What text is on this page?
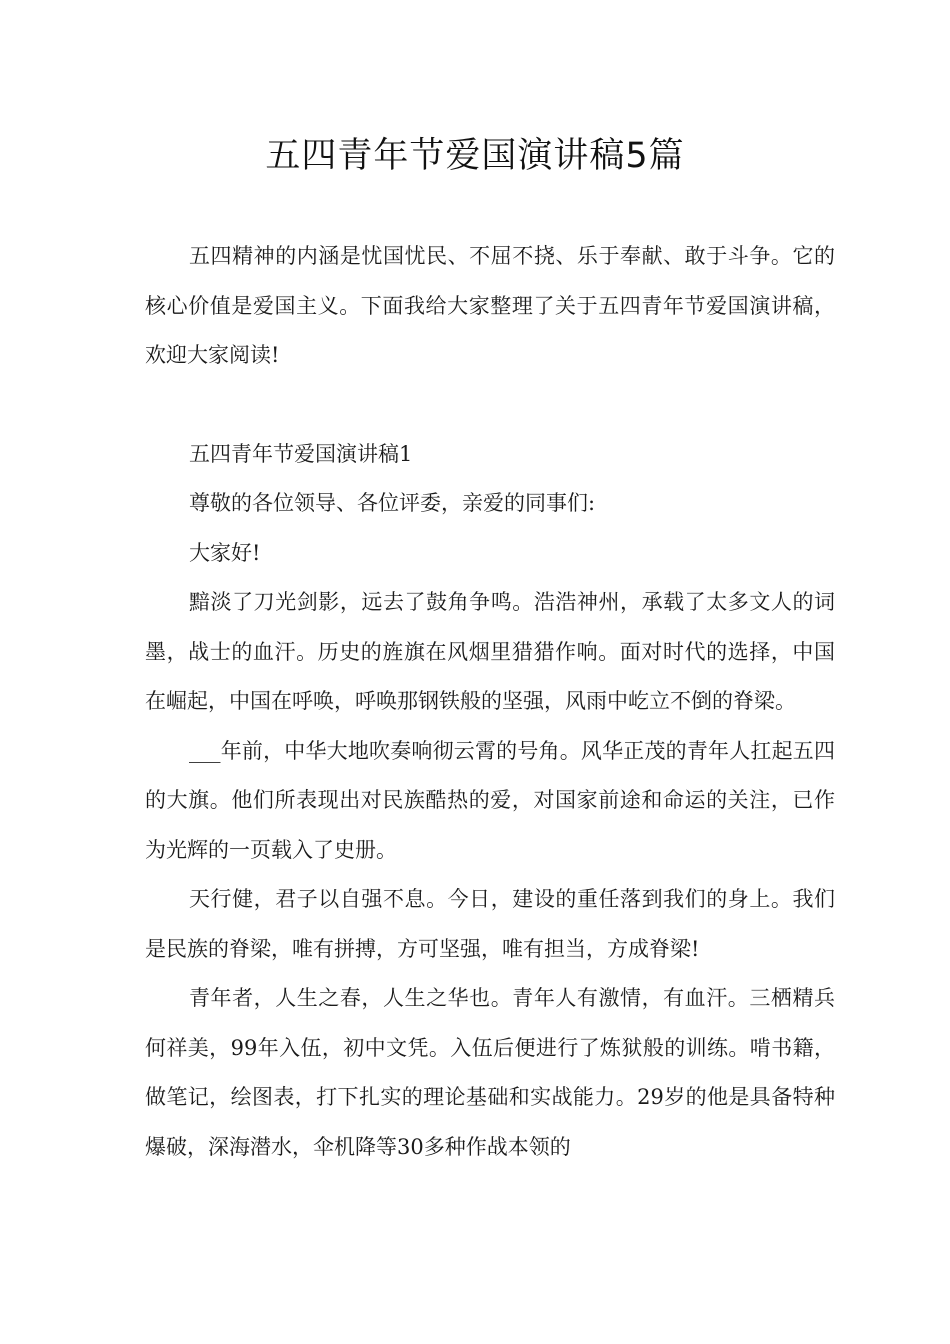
五四青年节爱国演讲稿5篇

五四精神的内涵是忧国忧民、不屈不挠、乐于奉献、敢于斗争。它的核心价值是爱国主义。下面我给大家整理了关于五四青年节爱国演讲稿，欢迎大家阅读!

五四青年节爱国演讲稿1

尊敬的各位领导、各位评委，亲爱的同事们:

大家好!

黯淡了刀光剑影，远去了鼓角争鸣。浩浩神州，承载了太多文人的词墨，战士的血汗。历史的旌旗在风烟里猎猎作响。面对时代的选择，中国在崛起，中国在呼唤，呼唤那钢铁般的坚强，风雨中屹立不倒的脊梁。

___年前，中华大地吹奏响彻云霄的号角。风华正茂的青年人扛起五四的大旗。他们所表现出对民族酷热的爱，对国家前途和命运的关注，已作为光辉的一页载入了史册。

天行健，君子以自强不息。今日，建设的重任落到我们的身上。我们是民族的脊梁，唯有拼搏，方可坚强，唯有担当，方成脊梁!

青年者，人生之春，人生之华也。青年人有激情，有血汗。三栖精兵何祥美，99年入伍，初中文凭。入伍后便进行了炼狱般的训练。啃书籍，做笔记，绘图表，打下扎实的理论基础和实战能力。29岁的他是具备特种爆破，深海潜水，伞机降等30多种作战本领的
